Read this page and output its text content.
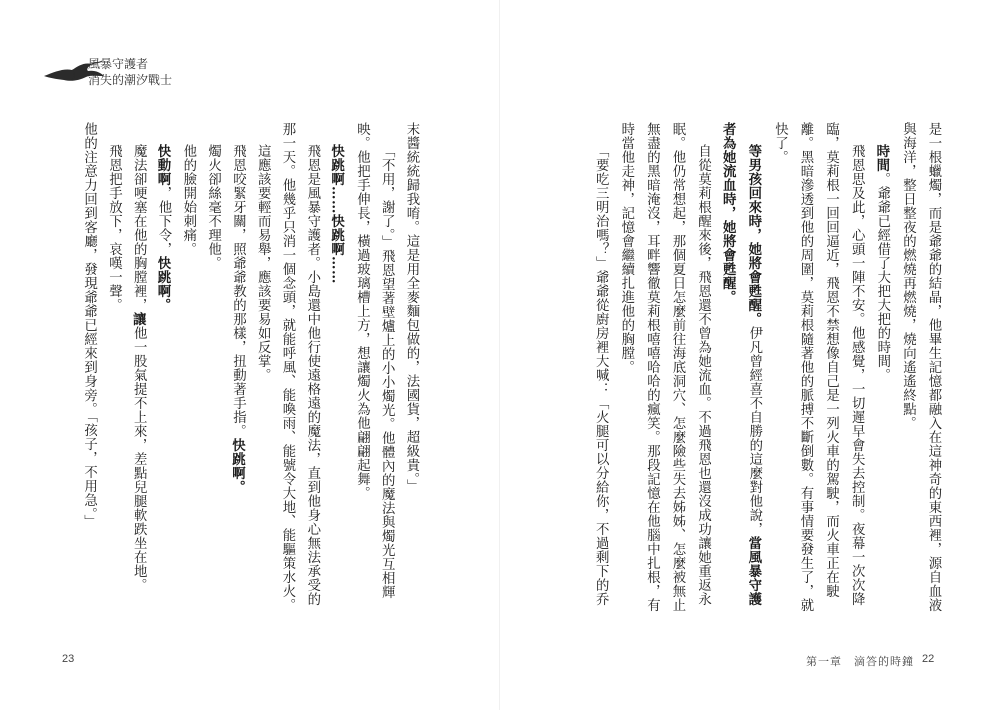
風暴守護者
消失的潮汐戰士
是一根蠟燭，而是爺爺的結晶，他畢生記憶都融入在這神奇的東西裡，源自血液
與海洋，整日整夜的燃燒再燃燒，燒向遙遙終點。
時間。爺爺已經借了大把大把的時間。
飛恩思及此，心頭一陣不安。他感覺，一切遲早會失去控制。夜幕一次次降
臨，莫莉根一回回逼近，飛恩不禁想像自己是一列火車的駕駛，而火車正在駛
離。黑暗滲透到他的周圍，莫莉根隨著他的脈搏不斷倒數。有事情要發生了，就
快了。
等男孩回來時，她將會甦醒。伊凡曾經喜不自勝的這麼對他說，當風暴守護
者為她流血時，她將會甦醒。
自從莫莉根醒來後，飛恩還不曾為她流血。不過飛恩也還沒成功讓她重返永
眠。他仍常想起，那個夏日怎麼前往海底洞穴、怎麼險些失去姊姊、怎麼被無止
無盡的黑暗淹沒，耳畔響徹莫莉根嘻嘻哈哈的瘋笑。那段記憶在他腦中扎根，有
時當他走神，記憶會繼續扎進他的胸膛。
「要吃三明治嗎？」爺爺從廚房裡大喊：「火腿可以分給你，不過剩下的乔
末醬統統歸我唷。這是用全麥麵包做的，法國貨，超級貴。」
「不用，謝了。」飛恩望著壁爐上的小小燭光。他體內的魔法與燭光互相輝
映。他把手伸長，橫過玻璃槽上方，想讓燭火為他翩翩起舞。
快跳啊……快跳啊……
飛恩是風暴守護者。小島還中他行使遠格遠的魔法，直到他身心無法承受的
那一天。他幾乎只消一個念頭，就能呼風、能喚雨、能號令大地、能驅策水火。
這應該要輕而易舉，應該要易如反掌。
飛恩咬緊牙關，照爺爺教的那樣，扭動著手指。快跳啊。
燭火卻絲毫不理他。
他的臉開始刺痛。
快動啊，他下令，快跳啊。
魔法卻哽塞在他的胸膛裡，讓他一股氣提不上來，差點兒腿軟跌坐在地。
飛恩把手放下，哀嘆一聲。
他的注意力回到客廳，發現爺爺已經來到身旁。「孩子，不用急。」
23	第一章　滴答的時鐘 22
